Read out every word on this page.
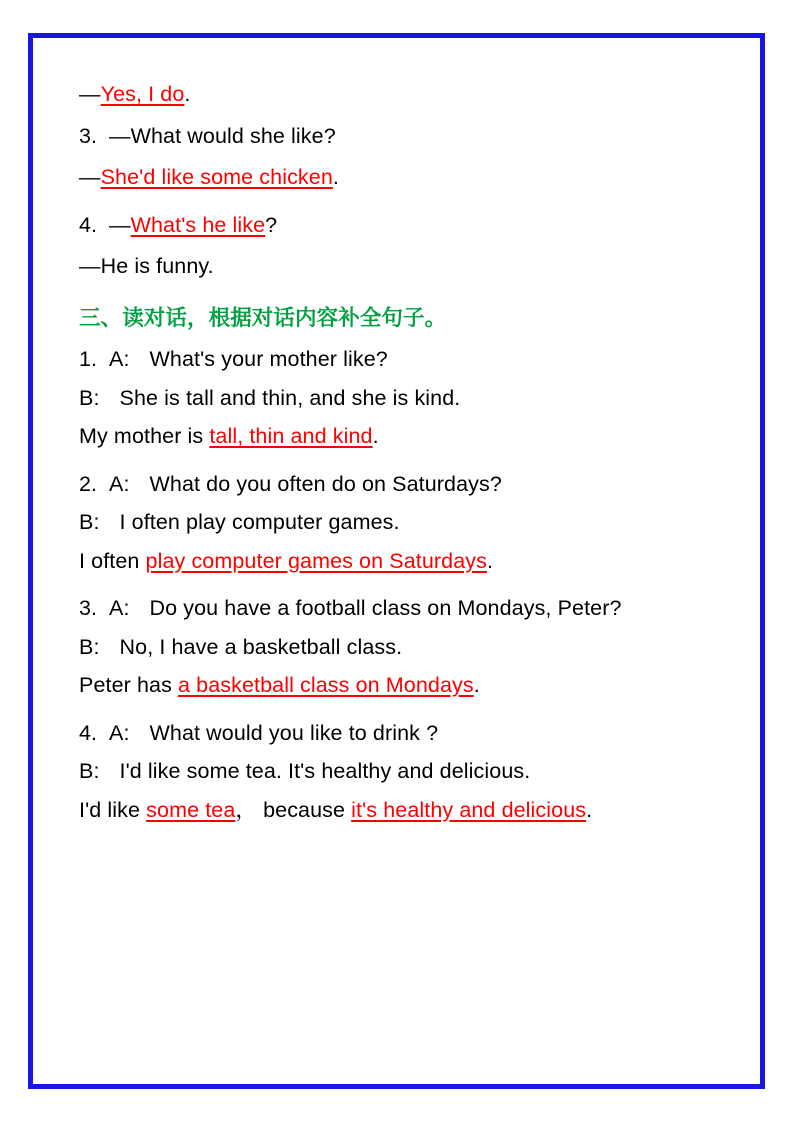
—Yes, I do.

3. —What would she like?

—She'd like some chicken.

4. —What's he like?

—He is funny.

三、读对话，根据对话内容补全句子。

1. A: What's your mother like?

B: She is tall and thin, and she is kind.

My mother is tall, thin and kind.

2. A: What do you often do on Saturdays?

B: I often play computer games.

I often play computer games on Saturdays.

3. A: Do you have a football class on Mondays, Peter?

B: No, I have a basketball class.

Peter has a basketball class on Mondays.

4. A: What would you like to drink ?

B: I'd like some tea. It's healthy and delicious.

I'd like some tea， because it's healthy and delicious.
